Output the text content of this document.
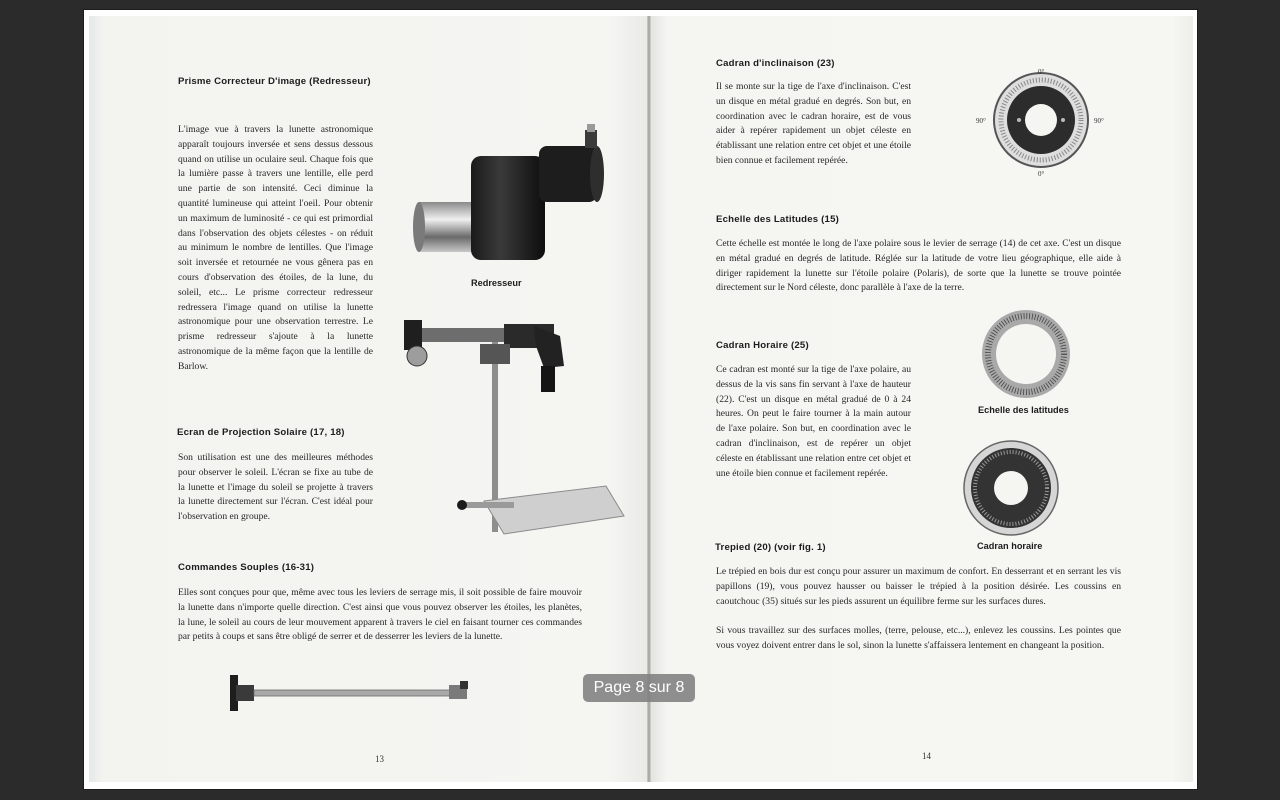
Prisme Correcteur D'image (Redresseur)
L'image vue à travers la lunette astronomique apparaît toujours inversée et sens dessus dessous quand on utilise un oculaire seul. Chaque fois que la lumière passe à travers une lentille, elle perd une partie de son intensité. Ceci diminue la quantité lumineuse qui atteint l'oeil. Pour obtenir un maximum de luminosité - ce qui est primordial dans l'observation des objets célestes - on réduit au minimum le nombre de lentilles. Que l'image soit inversée et retournée ne vous gênera pas en cours d'observation des étoiles, de la lune, du soleil, etc... Le prisme correcteur redresseur redressera l'image quand on utilise la lunette astronomique pour une observation terrestre. Le prisme redresseur s'ajoute à la lunette astronomique de la même façon que la lentille de Barlow.
Redresseur
Ecran de Projection Solaire (17, 18)
Son utilisation est une des meilleures méthodes pour observer le soleil. L'écran se fixe au tube de la lunette et l'image du soleil se projette à travers la lunette directement sur l'écran. C'est idéal pour l'observation en groupe.
Commandes Souples (16-31)
Elles sont conçues pour que, même avec tous les leviers de serrage mis, il soit possible de faire mouvoir la lunette dans n'importe quelle direction. C'est ainsi que vous pouvez observer les étoiles, les planètes, la lune, le soleil au cours de leur mouvement apparent à travers le ciel en faisant tourner ces commandes par petits à coups et sans être obligé de serrer et de desserrer les leviers de la lunette.
13
Cadran d'inclinaison (23)
Il se monte sur la tige de l'axe d'inclinaison. C'est un disque en métal gradué en degrés. Son but, en coordination avec le cadran horaire, est de vous aider à repérer rapidement un objet céleste en établissant une relation entre cet objet et une étoile bien connue et facilement repérée.
0°
0°
90°	90°
Echelle des Latitudes (15)
Cette échelle est montée le long de l'axe polaire sous le levier de serrage (14) de cet axe. C'est un disque en métal gradué en degrés de latitude. Réglée sur la latitude de votre lieu géographique, elle aide à diriger rapidement la lunette sur l'étoile polaire (Polaris), de sorte que la lunette se trouve pointée directement sur le Nord céleste, donc parallèle à l'axe de la terre.
Cadran Horaire (25)
Ce cadran est monté sur la tige de l'axe polaire, au dessus de la vis sans fin servant à l'axe de hauteur (22). C'est un disque en métal gradué de 0 à 24 heures. On peut le faire tourner à la main autour de l'axe polaire. Son but, en coordination avec le cadran d'inclinaison, est de repérer un objet céleste en établissant une relation entre cet objet et une étoile bien connue et facilement repérée.
Echelle des latitudes
Cadran horaire
Trepied (20) (voir fig. 1)
Le trépied en bois dur est conçu pour assurer un maximum de confort. En desserrant et en serrant les vis papillons (19), vous pouvez hausser ou baisser le trépied à la position désirée. Les coussins en caoutchouc (35) situés sur les pieds assurent un équilibre ferme sur les surfaces dures.
Si vous travaillez sur des surfaces molles, (terre, pelouse, etc...), enlevez les coussins. Les pointes que vous voyez doivent entrer dans le sol, sinon la lunette s'affaissera lentement en changeant la position.
14
Page 8 sur 8
